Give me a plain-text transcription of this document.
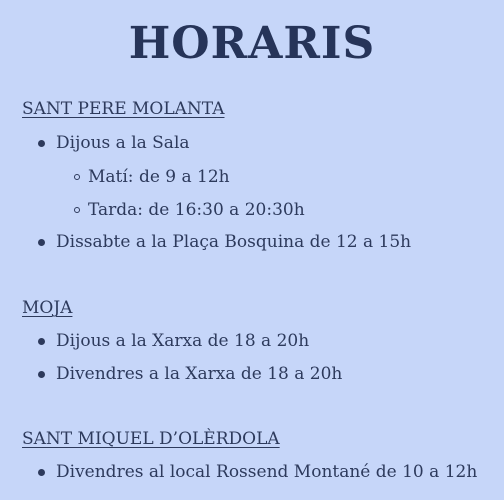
HORARIS
SANT PERE MOLANTA
Dijous a la Sala
Matí: de 9 a 12h
Tarda: de 16:30 a 20:30h
Dissabte a la Plaça Bosquina de 12 a 15h
MOJA
Dijous a la Xarxa de 18 a 20h
Divendres a la Xarxa de 18 a 20h
SANT MIQUEL D’OLÈRDOLA
Divendres al local Rossend Montané de 10 a 12h
